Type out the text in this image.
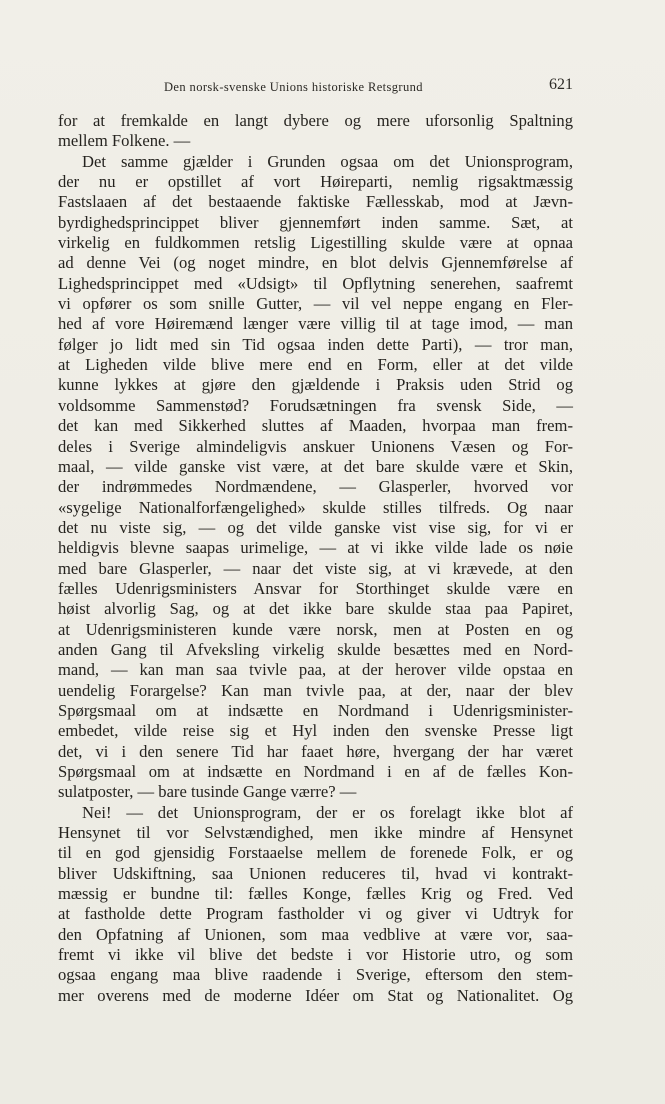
Den norsk-svenske Unions historiske Retsgrund	621
for at fremkalde en langt dybere og mere uforsonlig Spaltning
mellem Folkene. —
Det samme gjælder i Grunden ogsaa om det Unionsprogram,
der nu er opstillet af vort Høireparti, nemlig rigsaktmæssig
Fastslaaen af det bestaaende faktiske Fællesskab, mod at Jævn-
byrdighedsprincippet bliver gjennemført inden samme. Sæt, at
virkelig en fuldkommen retslig Ligestilling skulde være at opnaa
ad denne Vei (og noget mindre, en blot delvis Gjennemførelse af
Lighedsprincippet med «Udsigt» til Opflytning senerehen, saafremt
vi opfører os som snille Gutter, — vil vel neppe engang en Fler-
hed af vore Høiremænd længer være villig til at tage imod, — man
følger jo lidt med sin Tid ogsaa inden dette Parti), — tror man,
at Ligheden vilde blive mere end en Form, eller at det vilde
kunne lykkes at gjøre den gjældende i Praksis uden Strid og
voldsomme Sammenstød? Forudsætningen fra svensk Side, —
det kan med Sikkerhed sluttes af Maaden, hvorpaa man frem-
deles i Sverige almindeligvis anskuer Unionens Væsen og For-
maal, — vilde ganske vist være, at det bare skulde være et Skin,
der indrømmedes Nordmændene, — Glasperler, hvorved vor
«sygelige Nationalforfængelighed» skulde stilles tilfreds. Og naar
det nu viste sig, — og det vilde ganske vist vise sig, for vi er
heldigvis blevne saapas urimelige, — at vi ikke vilde lade os nøie
med bare Glasperler, — naar det viste sig, at vi krævede, at den
fælles Udenrigsministers Ansvar for Storthinget skulde være en
høist alvorlig Sag, og at det ikke bare skulde staa paa Papiret,
at Udenrigsministeren kunde være norsk, men at Posten en og
anden Gang til Afveksling virkelig skulde besættes med en Nord-
mand, — kan man saa tvivle paa, at der herover vilde opstaa en
uendelig Forargelse? Kan man tvivle paa, at der, naar der blev
Spørgsmaal om at indsætte en Nordmand i Udenrigsminister-
embedet, vilde reise sig et Hyl inden den svenske Presse ligt
det, vi i den senere Tid har faaet høre, hvergang der har været
Spørgsmaal om at indsætte en Nordmand i en af de fælles Kon-
sulatposter, — bare tusinde Gange værre? —
Nei! — det Unionsprogram, der er os forelagt ikke blot af
Hensynet til vor Selvstændighed, men ikke mindre af Hensynet
til en god gjensidig Forstaaelse mellem de forenede Folk, er og
bliver Udskiftning, saa Unionen reduceres til, hvad vi kontrakt-
mæssig er bundne til: fælles Konge, fælles Krig og Fred. Ved
at fastholde dette Program fastholder vi og giver vi Udtryk for
den Opfatning af Unionen, som maa vedblive at være vor, saa-
fremt vi ikke vil blive det bedste i vor Historie utro, og som
ogsaa engang maa blive raadende i Sverige, eftersom den stem-
mer overens med de moderne Idéer om Stat og Nationalitet. Og
